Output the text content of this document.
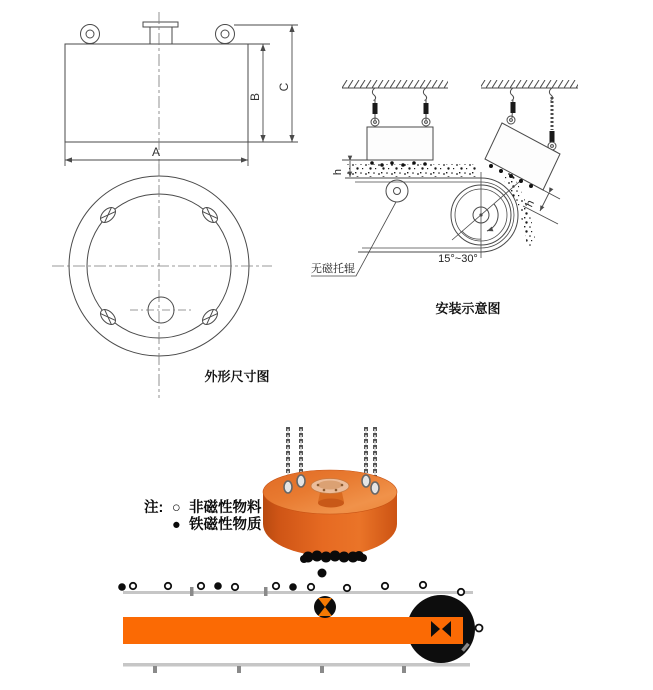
A
B
C
外形尺寸图
15°~30°
无磁托辊
h
h
安装示意图
注: ○ 非磁性物料
● 铁磁性物质
